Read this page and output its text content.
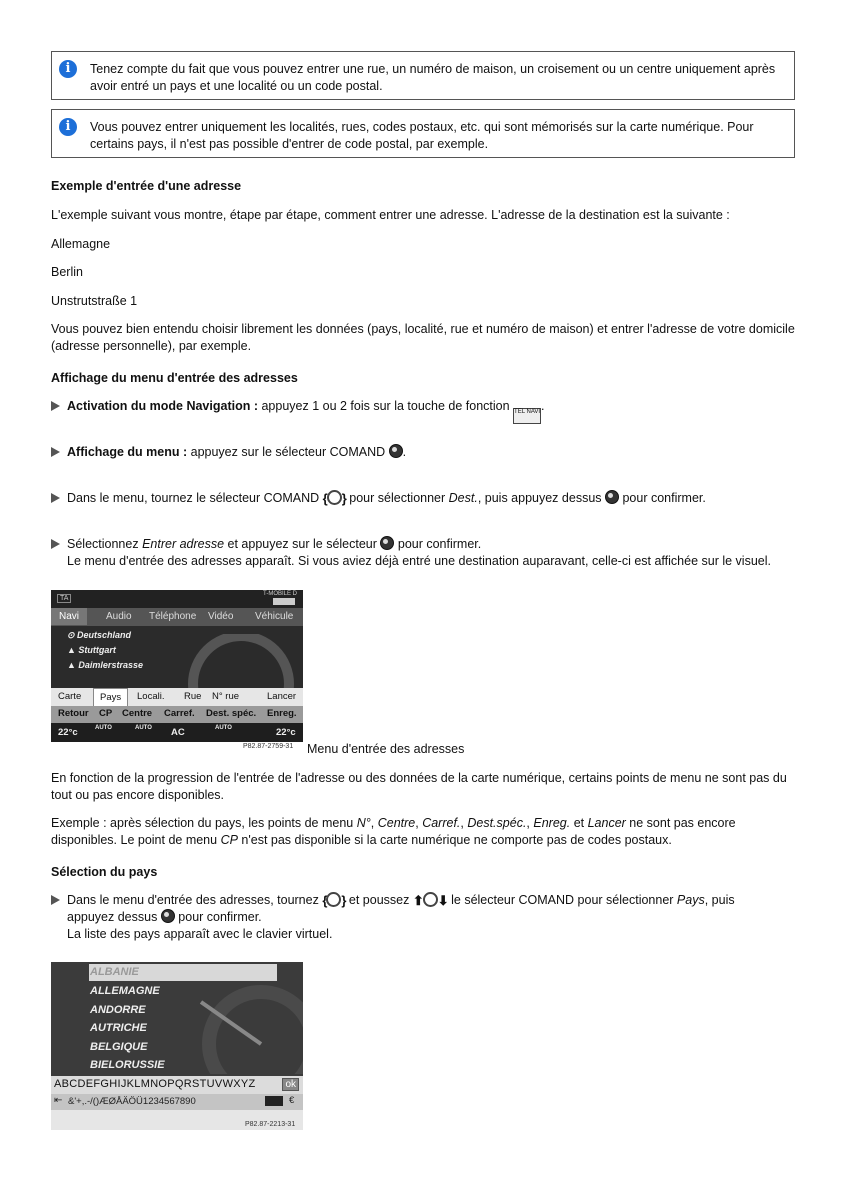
i	Tenez compte du fait que vous pouvez entrer une rue, un numéro de maison, un croisement ou un centre uniquement après avoir entré un pays et une localité ou un code postal.
i	Vous pouvez entrer uniquement les localités, rues, codes postaux, etc. qui sont mémorisés sur la carte numérique. Pour certains pays, il n'est pas possible d'entrer de code postal, par exemple.
Exemple d'entrée d'une adresse
L'exemple suivant vous montre, étape par étape, comment entrer une adresse. L'adresse de la destination est la suivante :
Allemagne
Berlin
Unstrutstraße 1
Vous pouvez bien entendu choisir librement les données (pays, localité, rue et numéro de maison) et entrer l'adresse de votre domicile (adresse personnelle), par exemple.
Affichage du menu d'entrée des adresses
Activation du mode Navigation : appuyez 1 ou 2 fois sur la touche de fonction TEL NAVI.
Affichage du menu : appuyez sur le sélecteur COMAND .
Dans le menu, tournez le sélecteur COMAND { } pour sélectionner Dest., puis appuyez dessus  pour confirmer.
Sélectionnez Entrer adresse et appuyez sur le sélecteur  pour confirmer.
Le menu d'entrée des adresses apparaît. Si vous aviez déjà entré une destination auparavant, celle-ci est affichée sur le visuel.
TA
T-MOBILE D
Navi	Audio Téléphone Vidéo Véhicule
⊙ Deutschland
▲ Stuttgart
▲ Daimlerstrasse
Carte	Pays	Locali. Rue N° rue	Lancer
Retour CP Centre Carref. Dest. spéc. Enreg.
22°c	AUTO	AUTO AC	AUTO	22°c
P82.87-2759-31 Menu d'entrée des adresses
En fonction de la progression de l'entrée de l'adresse ou des données de la carte numérique, certains points de menu ne sont pas du tout ou pas encore disponibles.
Exemple : après sélection du pays, les points de menu N°, Centre, Carref., Dest.spéc., Enreg. et Lancer ne sont pas encore disponibles. Le point de menu CP n'est pas disponible si la carte numérique ne comporte pas de codes postaux.
Sélection du pays
Dans le menu d'entrée des adresses, tournez { } et poussez ⬆ ⬇ le sélecteur COMAND pour sélectionner Pays, puis
appuyez dessus  pour confirmer.
La liste des pays apparaît avec le clavier virtuel.
ALBANIE
ALLEMAGNE
ANDORRE
AUTRICHE
BELGIQUE
BIELORUSSIE
ABCDEFGHIJKLMNOPQRSTUVWXYZ	ok
⇤ &'+,.-/()ÆØÅÄÖÜ1234567890	€
P82.87-2213-31
